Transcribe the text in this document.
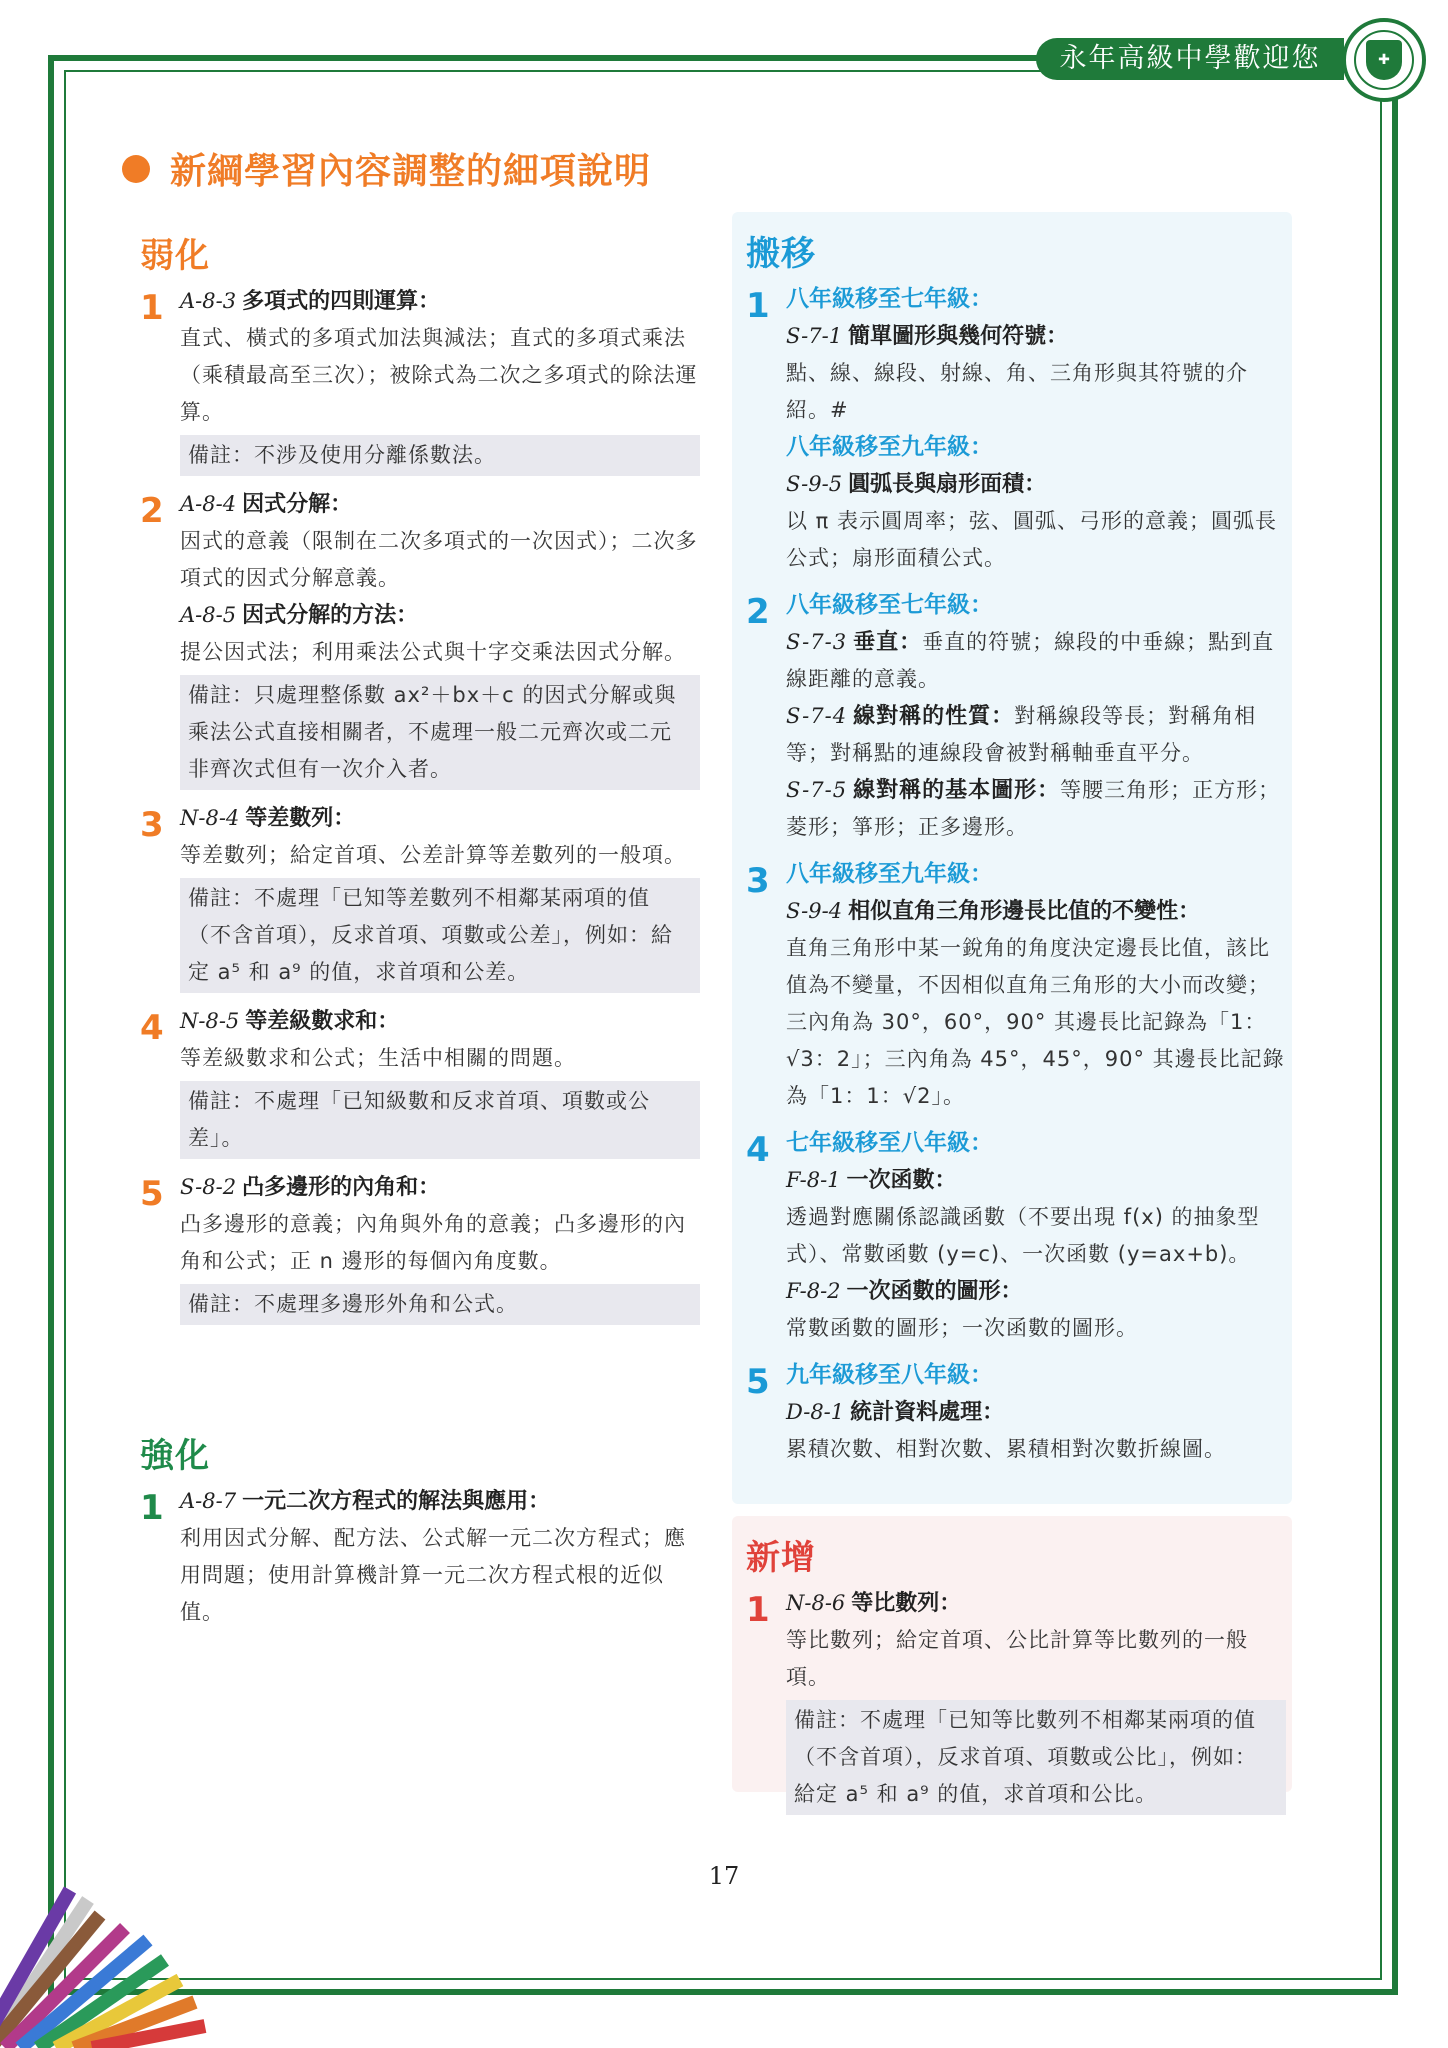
永年高級中學歡迎您	✚
新綱學習內容調整的細項說明
弱化
1 A-8-3 多項式的四則運算：
直式、橫式的多項式加法與減法；直式的多項式乘法（乘積最高至三次）；被除式為二次之多項式的除法運算。
備註：不涉及使用分離係數法。
2 A-8-4 因式分解：
因式的意義（限制在二次多項式的一次因式）；二次多項式的因式分解意義。
A-8-5 因式分解的方法：
提公因式法；利用乘法公式與十字交乘法因式分解。
備註：只處理整係數 ax²＋bx＋c 的因式分解或與乘法公式直接相關者，不處理一般二元齊次或二元非齊次式但有一次介入者。
3 N-8-4 等差數列：
等差數列；給定首項、公差計算等差數列的一般項。
備註：不處理「已知等差數列不相鄰某兩項的值（不含首項），反求首項、項數或公差」，例如：給定 a⁵ 和 a⁹ 的值，求首項和公差。
4 N-8-5 等差級數求和：
等差級數求和公式；生活中相關的問題。
備註：不處理「已知級數和反求首項、項數或公差」。
5 S-8-2 凸多邊形的內角和：
凸多邊形的意義；內角與外角的意義；凸多邊形的內角和公式；正 n 邊形的每個內角度數。
備註：不處理多邊形外角和公式。
強化
1 A-8-7 一元二次方程式的解法與應用：
利用因式分解、配方法、公式解一元二次方程式；應用問題；使用計算機計算一元二次方程式根的近似值。
搬移
1 八年級移至七年級：
S-7-1 簡單圖形與幾何符號：
點、線、線段、射線、角、三角形與其符號的介紹。#
八年級移至九年級：
S-9-5 圓弧長與扇形面積：
以 π 表示圓周率；弦、圓弧、弓形的意義；圓弧長公式；扇形面積公式。
2 八年級移至七年級：
S-7-3 垂直：垂直的符號；線段的中垂線；點到直線距離的意義。
S-7-4 線對稱的性質：對稱線段等長；對稱角相等；對稱點的連線段會被對稱軸垂直平分。
S-7-5 線對稱的基本圖形：等腰三角形；正方形；菱形；箏形；正多邊形。
3 八年級移至九年級：
S-9-4 相似直角三角形邊長比值的不變性：
直角三角形中某一銳角的角度決定邊長比值，該比值為不變量，不因相似直角三角形的大小而改變；三內角為 30°，60°，90° 其邊長比記錄為「1：√3：2」；三內角為 45°，45°，90° 其邊長比記錄為「1：1：√2」。
4 七年級移至八年級：
F-8-1 一次函數：
透過對應關係認識函數（不要出現 f(x) 的抽象型式）、常數函數 (y=c)、一次函數 (y=ax+b)。
F-8-2 一次函數的圖形：
常數函數的圖形；一次函數的圖形。
5 九年級移至八年級：
D-8-1 統計資料處理：
累積次數、相對次數、累積相對次數折線圖。
新增
1 N-8-6 等比數列：
等比數列；給定首項、公比計算等比數列的一般項。
備註：不處理「已知等比數列不相鄰某兩項的值（不含首項），反求首項、項數或公比」，例如：給定 a⁵ 和 a⁹ 的值，求首項和公比。
17
